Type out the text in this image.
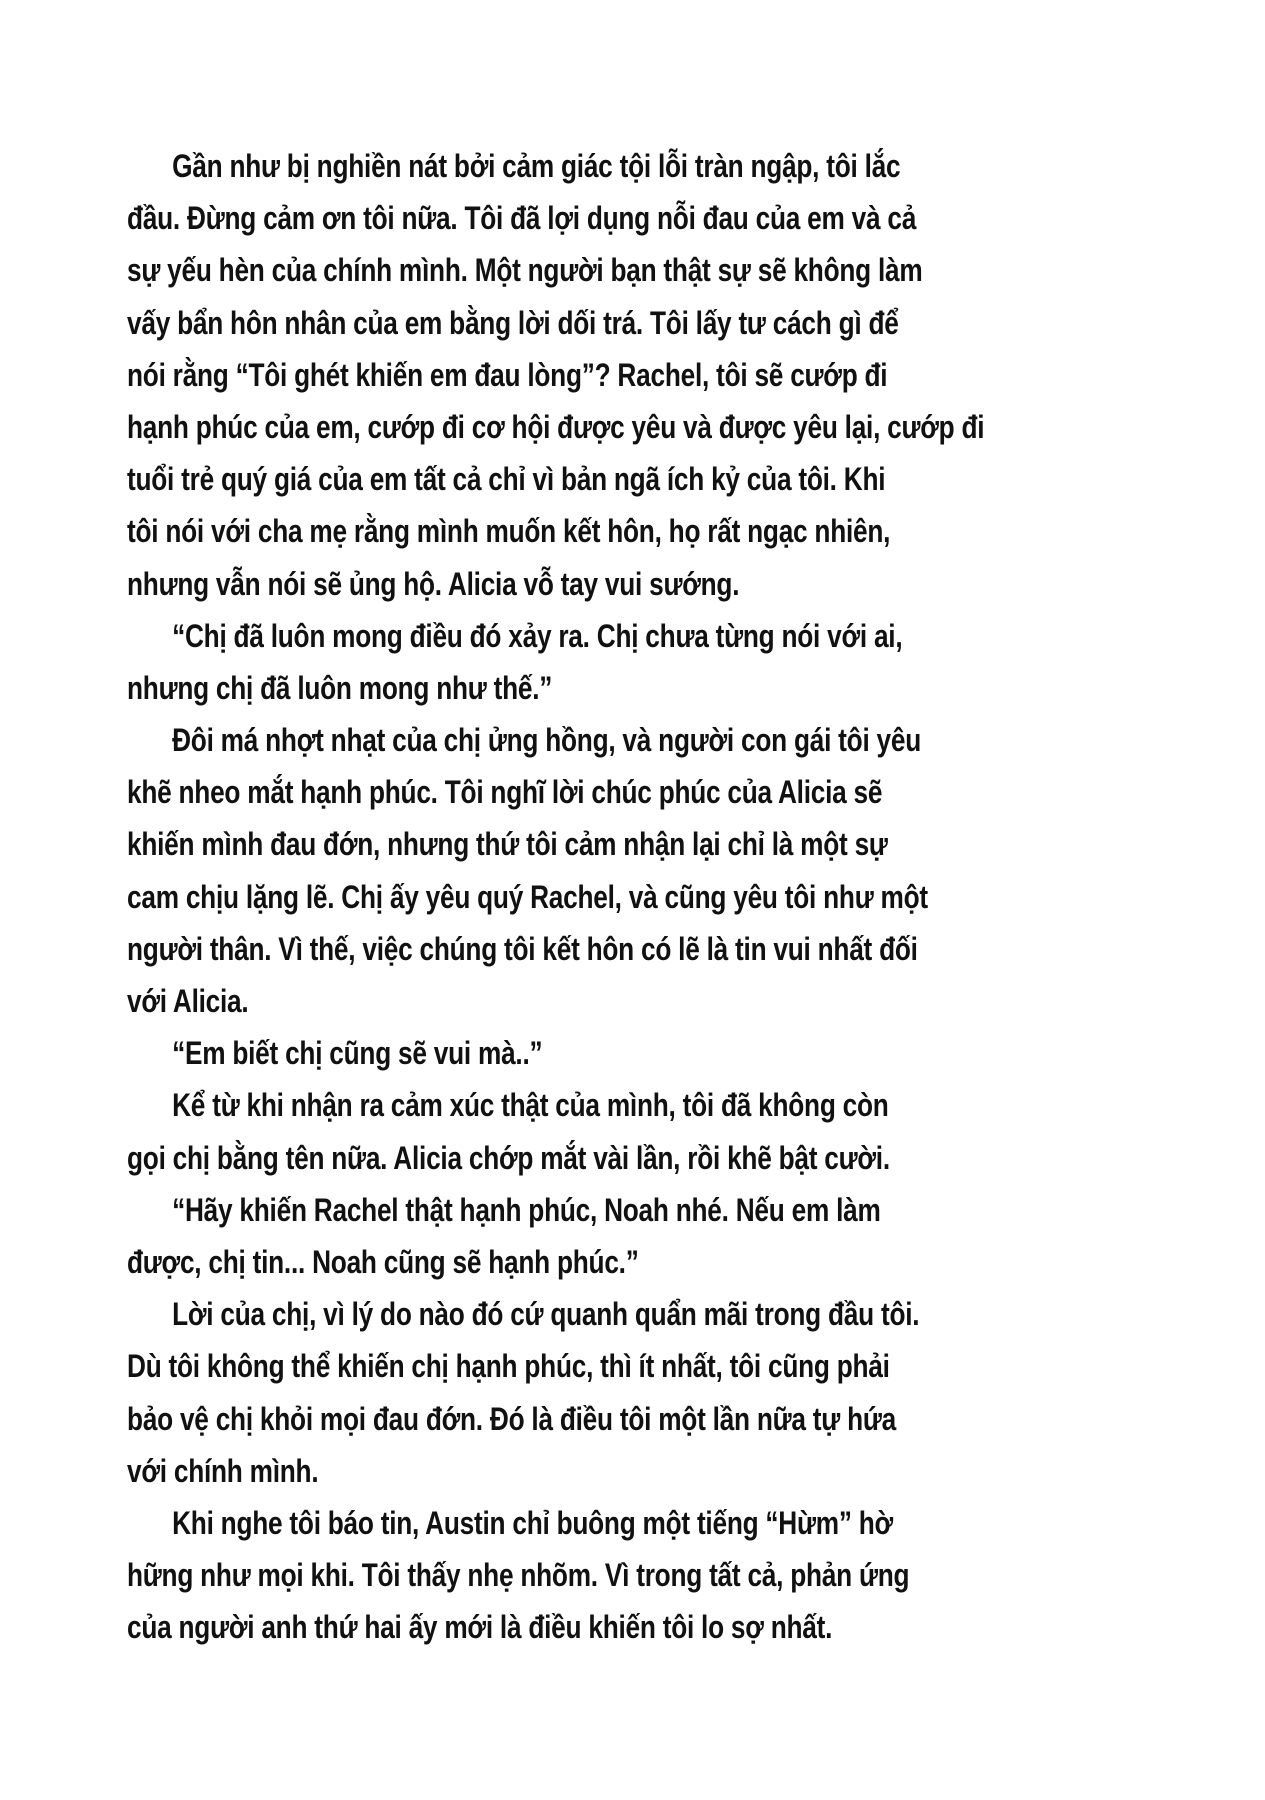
Gần như bị nghiền nát bởi cảm giác tội lỗi tràn ngập, tôi lắc
đầu. Đừng cảm ơn tôi nữa. Tôi đã lợi dụng nỗi đau của em và cả
sự yếu hèn của chính mình. Một người bạn thật sự sẽ không làm
vấy bẩn hôn nhân của em bằng lời dối trá. Tôi lấy tư cách gì để
nói rằng “Tôi ghét khiến em đau lòng”? Rachel, tôi sẽ cướp đi
hạnh phúc của em, cướp đi cơ hội được yêu và được yêu lại, cướp đi
tuổi trẻ quý giá của em tất cả chỉ vì bản ngã ích kỷ của tôi. Khi
tôi nói với cha mẹ rằng mình muốn kết hôn, họ rất ngạc nhiên,
nhưng vẫn nói sẽ ủng hộ. Alicia vỗ tay vui sướng.
“Chị đã luôn mong điều đó xảy ra. Chị chưa từng nói với ai,
nhưng chị đã luôn mong như thế.”
Đôi má nhợt nhạt của chị ửng hồng, và người con gái tôi yêu
khẽ nheo mắt hạnh phúc. Tôi nghĩ lời chúc phúc của Alicia sẽ
khiến mình đau đớn, nhưng thứ tôi cảm nhận lại chỉ là một sự
cam chịu lặng lẽ. Chị ấy yêu quý Rachel, và cũng yêu tôi như một
người thân. Vì thế, việc chúng tôi kết hôn có lẽ là tin vui nhất đối
với Alicia.
“Em biết chị cũng sẽ vui mà..”
Kể từ khi nhận ra cảm xúc thật của mình, tôi đã không còn
gọi chị bằng tên nữa. Alicia chớp mắt vài lần, rồi khẽ bật cười.
“Hãy khiến Rachel thật hạnh phúc, Noah nhé. Nếu em làm
được, chị tin... Noah cũng sẽ hạnh phúc.”
Lời của chị, vì lý do nào đó cứ quanh quẩn mãi trong đầu tôi.
Dù tôi không thể khiến chị hạnh phúc, thì ít nhất, tôi cũng phải
bảo vệ chị khỏi mọi đau đớn. Đó là điều tôi một lần nữa tự hứa
với chính mình.
Khi nghe tôi báo tin, Austin chỉ buông một tiếng “Hừm” hờ
hững như mọi khi. Tôi thấy nhẹ nhõm. Vì trong tất cả, phản ứng
của người anh thứ hai ấy mới là điều khiến tôi lo sợ nhất.
